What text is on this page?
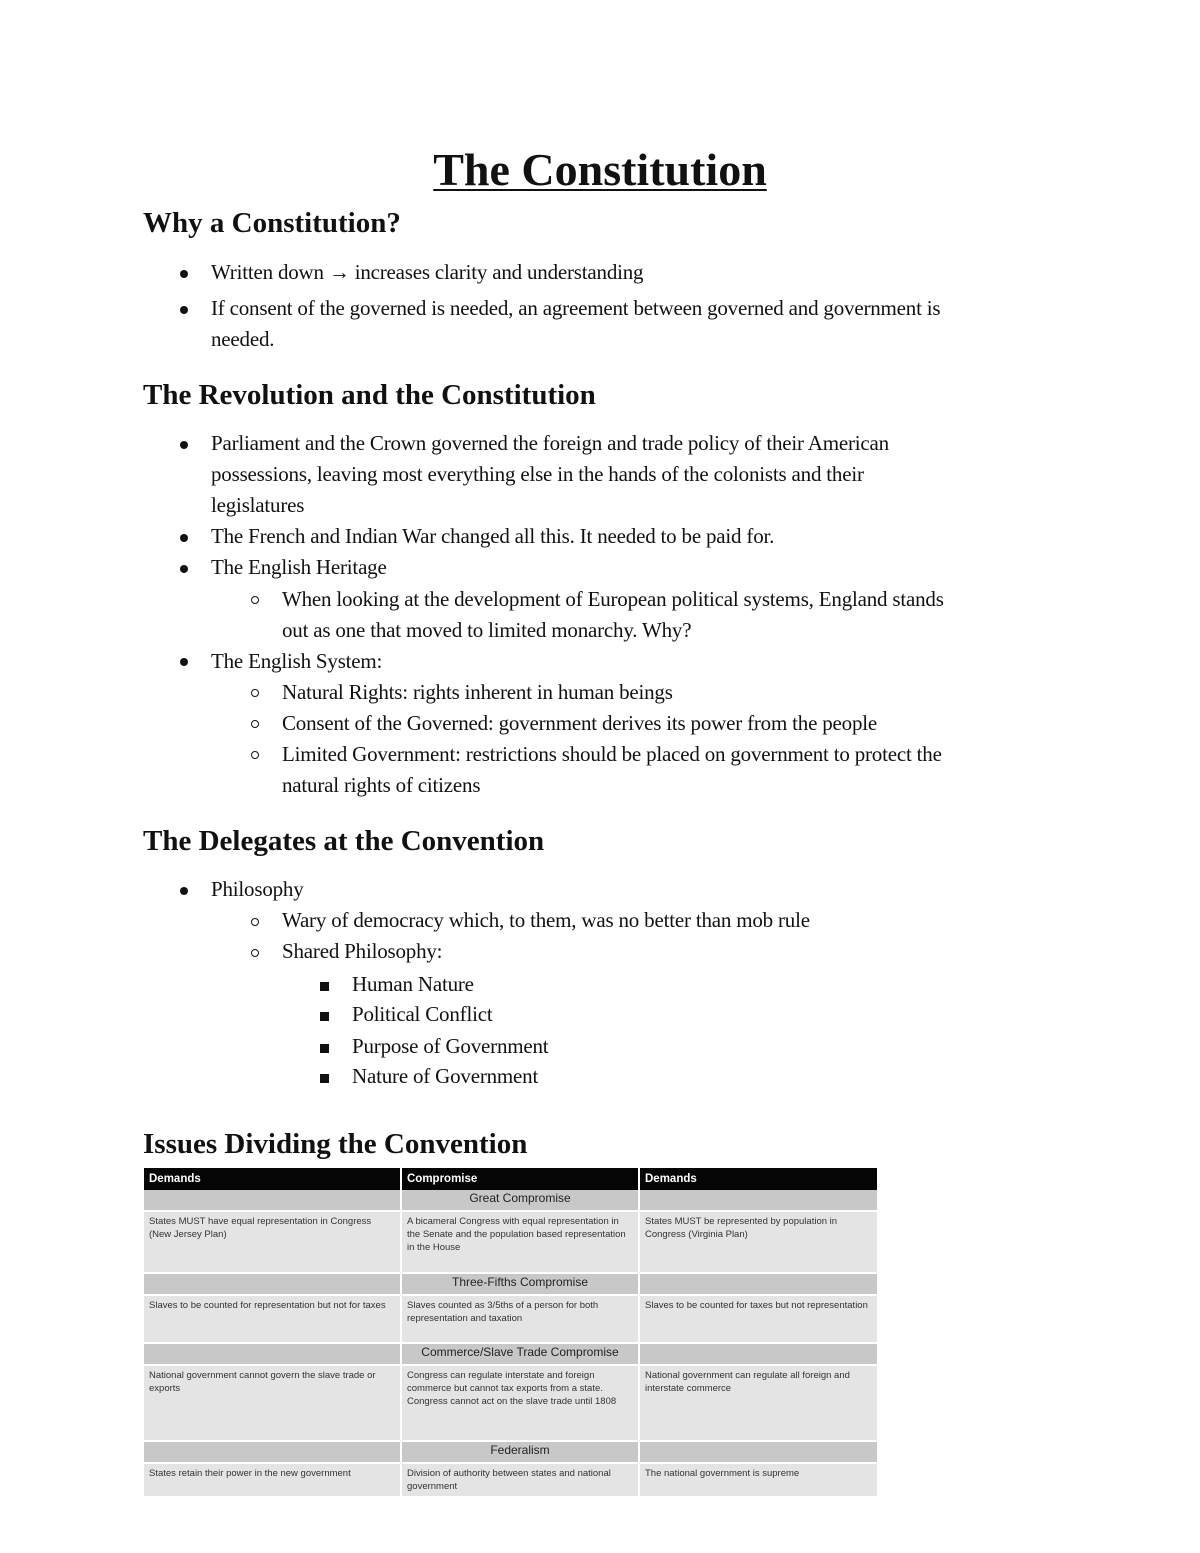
The Constitution
Why a Constitution?
Written down → increases clarity and understanding
If consent of the governed is needed, an agreement between governed and government is
needed.
The Revolution and the Constitution
Parliament and the Crown governed the foreign and trade policy of their American
possessions, leaving most everything else in the hands of the colonists and their
legislatures
The French and Indian War changed all this. It needed to be paid for.
The English Heritage
When looking at the development of European political systems, England stands
out as one that moved to limited monarchy. Why?
The English System:
Natural Rights: rights inherent in human beings
Consent of the Governed: government derives its power from the people
Limited Government: restrictions should be placed on government to protect the
natural rights of citizens
The Delegates at the Convention
Philosophy
Wary of democracy which, to them, was no better than mob rule
Shared Philosophy:
Human Nature
Political Conflict
Purpose of Government
Nature of Government
Issues Dividing the Convention
Demands	Compromise	Demands
	Great Compromise	
States MUST have equal representation in Congress (New Jersey Plan)	A bicameral Congress with equal representation in the Senate and the population based representation in the House	States MUST be represented by population in Congress (Virginia Plan)
	Three-Fifths Compromise	
Slaves to be counted for representation but not for taxes	Slaves counted as 3/5ths of a person for both representation and taxation	Slaves to be counted for taxes but not representation
	Commerce/Slave Trade Compromise	
National government cannot govern the slave trade or exports	Congress can regulate interstate and foreign commerce but cannot tax exports from a state. Congress cannot act on the slave trade until 1808	National government can regulate all foreign and interstate commerce
	Federalism	
States retain their power in the new government	Division of authority between states and national government	The national government is supreme
